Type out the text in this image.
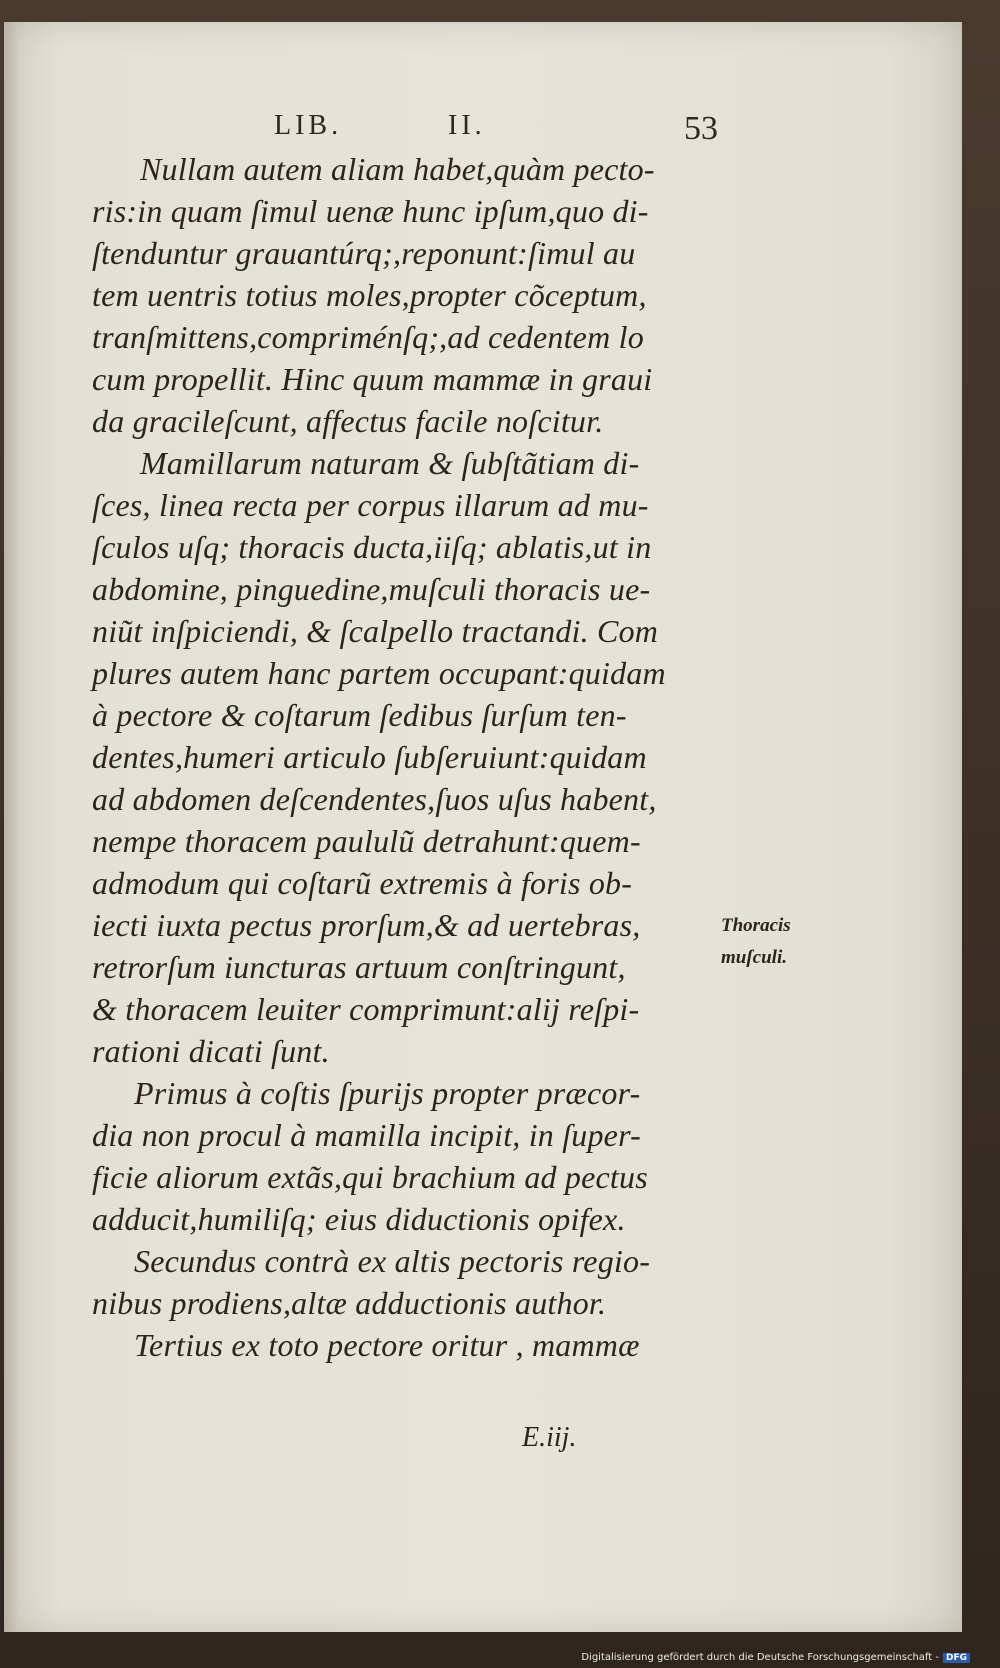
LIB.	II.	53
Nullam autem aliam habet,quàm pecto-
ris:in quam ſimul uenæ hunc ipſum,quo di-
ſtenduntur grauantúrq;,reponunt:ſimul au
tem uentris totius moles,propter cõceptum,
tranſmittens,compriménſq;,ad cedentem lo
cum propellit. Hinc quum mammæ in graui
da gracileſcunt, affectus facile noſcitur.
Mamillarum naturam & ſubſtãtiam di-
ſces, linea recta per corpus illarum ad mu-
ſculos uſq; thoracis ducta,iiſq; ablatis,ut in
abdomine, pinguedine,muſculi thoracis ue-
niũt inſpiciendi, & ſcalpello tractandi. Com
plures autem hanc partem occupant:quidam
à pectore & coſtarum ſedibus ſurſum ten-
dentes,humeri articulo ſubſeruiunt:quidam
ad abdomen deſcendentes,ſuos uſus habent,
nempe thoracem paululũ detrahunt:quem-
admodum qui coſtarũ extremis à foris ob-
iecti iuxta pectus prorſum,& ad uertebras,
retrorſum iuncturas artuum conſtringunt,
& thoracem leuiter comprimunt:alij reſpi-
rationi dicati ſunt.
Primus à coſtis ſpurijs propter præcor-
dia non procul à mamilla incipit, in ſuper-
ficie aliorum extãs,qui brachium ad pectus
adducit,humiliſq; eius diductionis opifex.
Secundus contrà ex altis pectoris regio-
nibus prodiens,altæ adductionis author.
Tertius ex toto pectore oritur , mammæ
E.iij.
Thoracis
muſculi.
Digitalisierung gefördert durch die Deutsche Forschungsgemeinschaft - DFG
